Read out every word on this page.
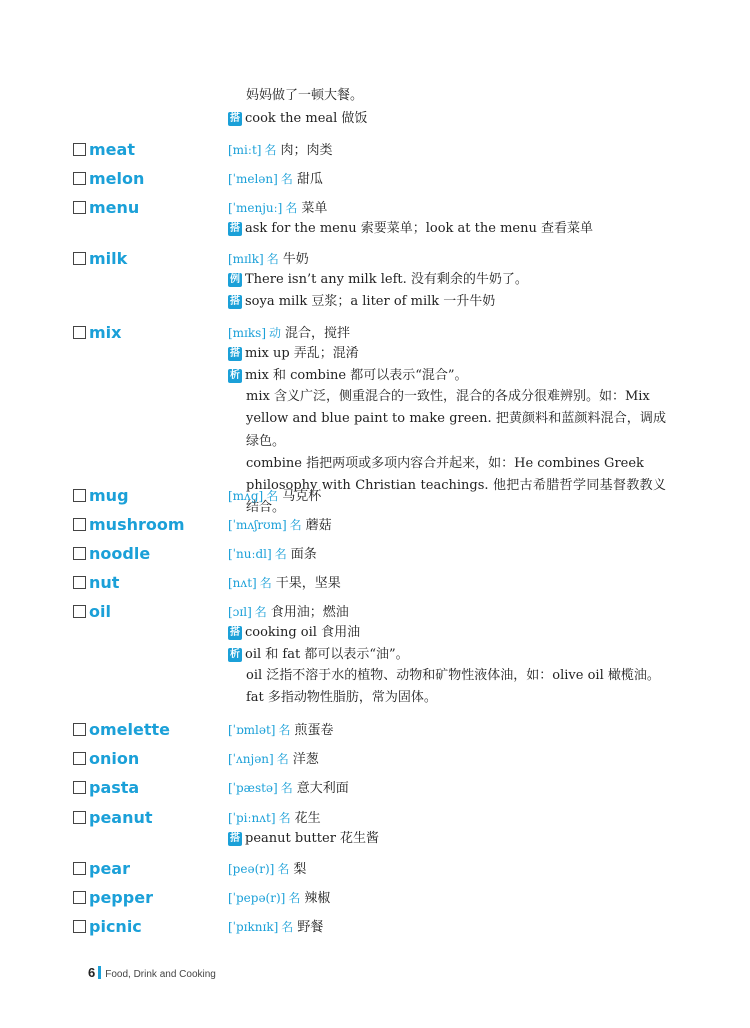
妈妈做了一顿大餐。
搭 cook the meal 做饭
meat	[miːt] 名 肉；肉类
melon	[ˈmelən] 名 甜瓜
menu	[ˈmenjuː] 名 菜单
搭 ask for the menu 索要菜单；look at the menu 查看菜单
milk	[mɪlk] 名 牛奶
例 There isn’t any milk left. 没有剩余的牛奶了。
搭 soya milk 豆浆；a liter of milk 一升牛奶
mix	[mɪks] 动 混合，搅拌
搭 mix up 弄乱；混淆
析 mix 和 combine 都可以表示“混合”。
mix 含义广泛，侧重混合的一致性，混合的各成分很难辨别。如：Mix
yellow and blue paint to make green. 把黄颜料和蓝颜料混合，调成绿色。
combine 指把两项或多项内容合并起来，如：He combines Greek
philosophy with Christian teachings. 他把古希腊哲学同基督教教义结合。
mug	[mʌg] 名 马克杯
mushroom	[ˈmʌʃrʊm] 名 蘑菇
noodle	[ˈnuːdl] 名 面条
nut	[nʌt] 名 干果，坚果
oil	[ɔɪl] 名 食用油；燃油
搭 cooking oil 食用油
析 oil 和 fat 都可以表示“油”。
oil 泛指不溶于水的植物、动物和矿物性液体油，如：olive oil 橄榄油。
fat 多指动物性脂肪，常为固体。
omelette	[ˈɒmlət] 名 煎蛋卷
onion	[ˈʌnjən] 名 洋葱
pasta	[ˈpæstə] 名 意大利面
peanut	[ˈpiːnʌt] 名 花生
搭 peanut butter 花生酱
pear	[peə(r)] 名 梨
pepper	[ˈpepə(r)] 名 辣椒
picnic	[ˈpɪknɪk] 名 野餐
6 Food, Drink and Cooking
